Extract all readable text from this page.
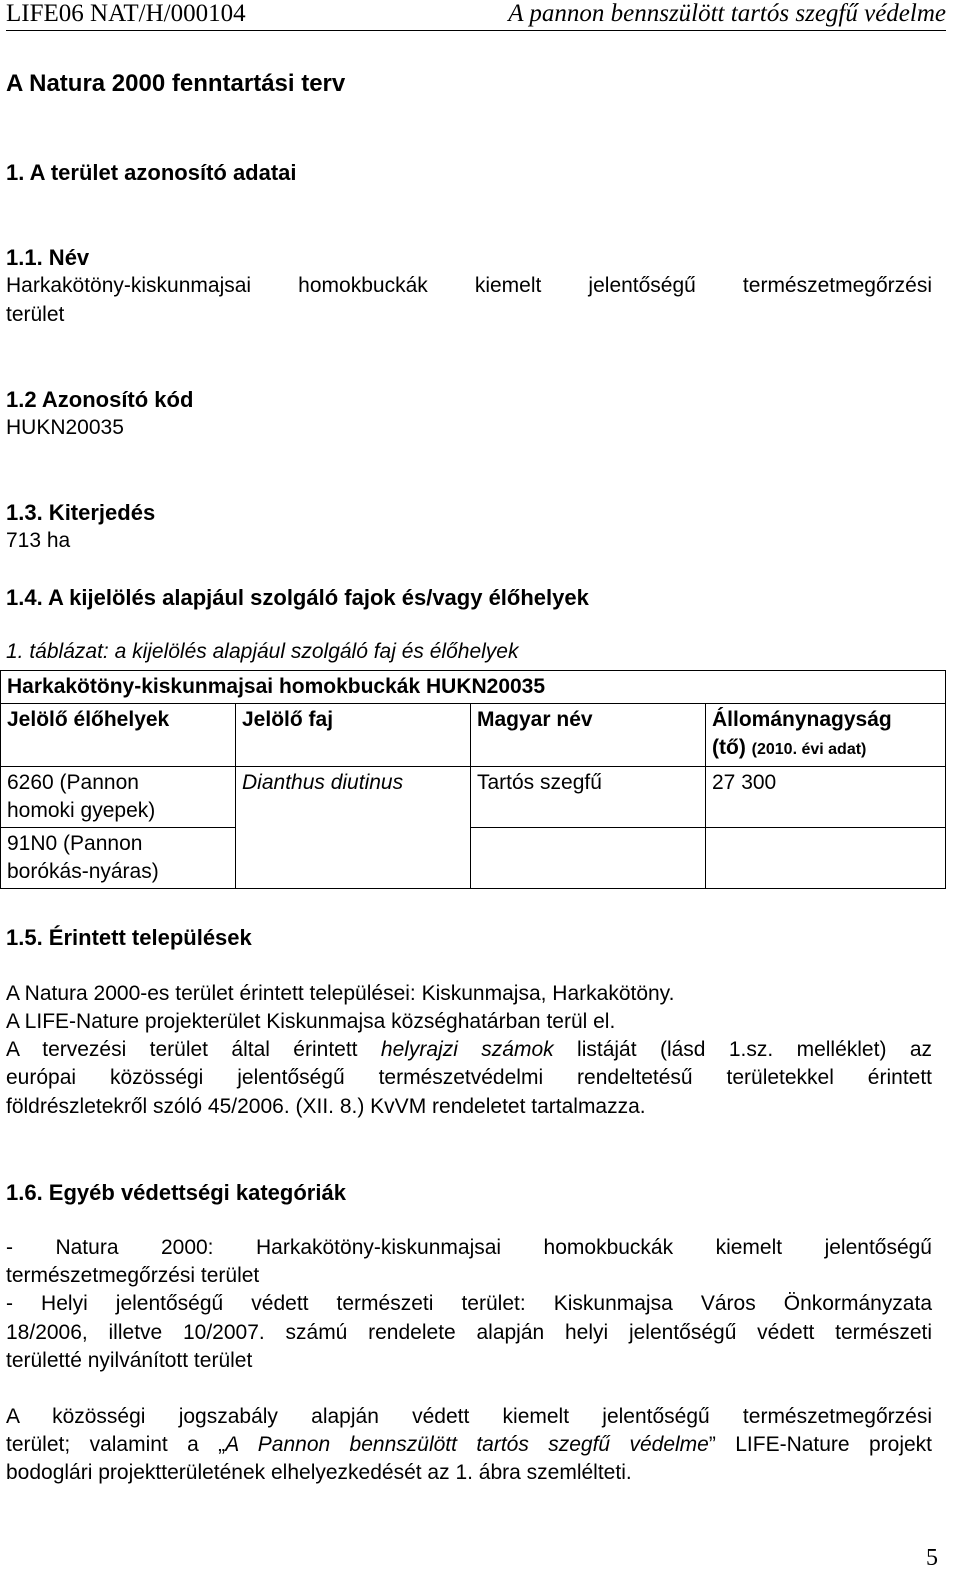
LIFE06 NAT/H/000104	A pannon bennszülött tartós szegfű védelme
A Natura 2000 fenntartási terv
1. A terület azonosító adatai
1.1. Név
Harkakötöny-kiskunmajsai homokbuckák kiemelt jelentőségű természetmegőrzési
terület
1.2 Azonosító kód
HUKN20035
1.3. Kiterjedés
713 ha
1.4. A kijelölés alapjául szolgáló fajok és/vagy élőhelyek
1. táblázat: a kijelölés alapjául szolgáló faj és élőhelyek
Harkakötöny-kiskunmajsai homokbuckák HUKN20035			
Jelölő élőhelyek	Jelölő faj	Magyar név	Állománynagyság
(tő) (2010. évi adat)
6260 (Pannon
homoki gyepek)	Dianthus diutinus	Tartós szegfű	27 300
91N0 (Pannon
borókás-nyáras)			
1.5. Érintett települések
A Natura 2000-es terület érintett települései: Kiskunmajsa, Harkakötöny.
A LIFE-Nature projekterület Kiskunmajsa községhatárban terül el.
A tervezési terület által érintett helyrajzi számok listáját (lásd 1.sz. melléklet) az
európai közösségi jelentőségű természetvédelmi rendeltetésű területekkel érintett
földrészletekről szóló 45/2006. (XII. 8.) KvVM rendeletet tartalmazza.
1.6. Egyéb védettségi kategóriák
- Natura 2000: Harkakötöny-kiskunmajsai homokbuckák kiemelt jelentőségű
természetmegőrzési terület
- Helyi jelentőségű védett természeti terület: Kiskunmajsa Város Önkormányzata
18/2006, illetve 10/2007. számú rendelete alapján helyi jelentőségű védett természeti
területté nyilvánított terület
A közösségi jogszabály alapján védett kiemelt jelentőségű természetmegőrzési
terület; valamint a „A Pannon bennszülött tartós szegfű védelme” LIFE-Nature projekt
bodoglári projektterületének elhelyezkedését az 1. ábra szemlélteti.
5
